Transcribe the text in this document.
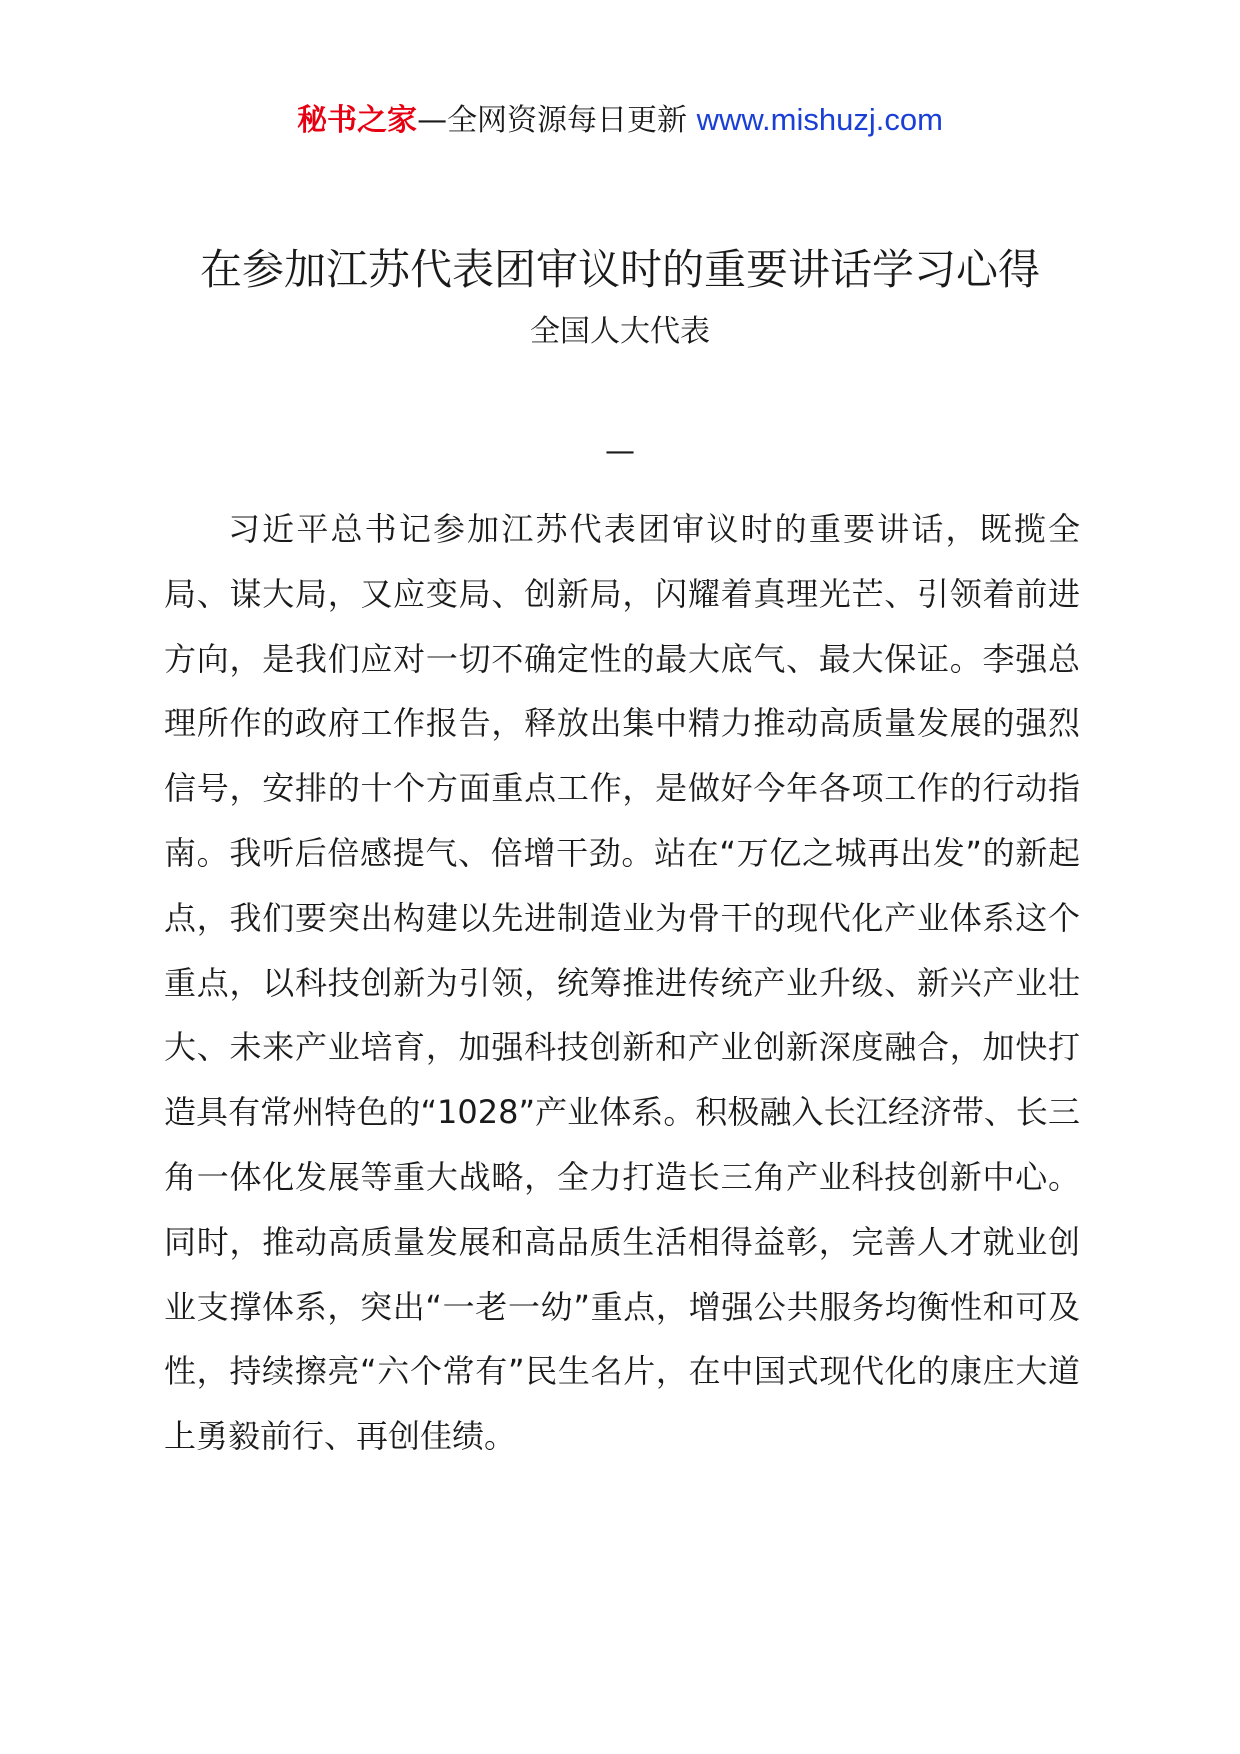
秘书之家—全网资源每日更新 www.mishuzj.com
在参加江苏代表团审议时的重要讲话学习心得
全国人大代表
—

习近平总书记参加江苏代表团审议时的重要讲话，既揽全局、谋大局，又应变局、创新局，闪耀着真理光芒、引领着前进方向，是我们应对一切不确定性的最大底气、最大保证。李强总理所作的政府工作报告，释放出集中精力推动高质量发展的强烈信号，安排的十个方面重点工作，是做好今年各项工作的行动指南。我听后倍感提气、倍增干劲。站在“万亿之城再出发”的新起点，我们要突出构建以先进制造业为骨干的现代化产业体系这个重点，以科技创新为引领，统筹推进传统产业升级、新兴产业壮大、未来产业培育，加强科技创新和产业创新深度融合，加快打造具有常州特色的“1028”产业体系。积极融入长江经济带、长三角一体化发展等重大战略，全力打造长三角产业科技创新中心。同时，推动高质量发展和高品质生活相得益彰，完善人才就业创业支撑体系，突出“一老一幼”重点，增强公共服务均衡性和可及性，持续擦亮“六个常有”民生名片，在中国式现代化的康庄大道上勇毅前行、再创佳绩。
